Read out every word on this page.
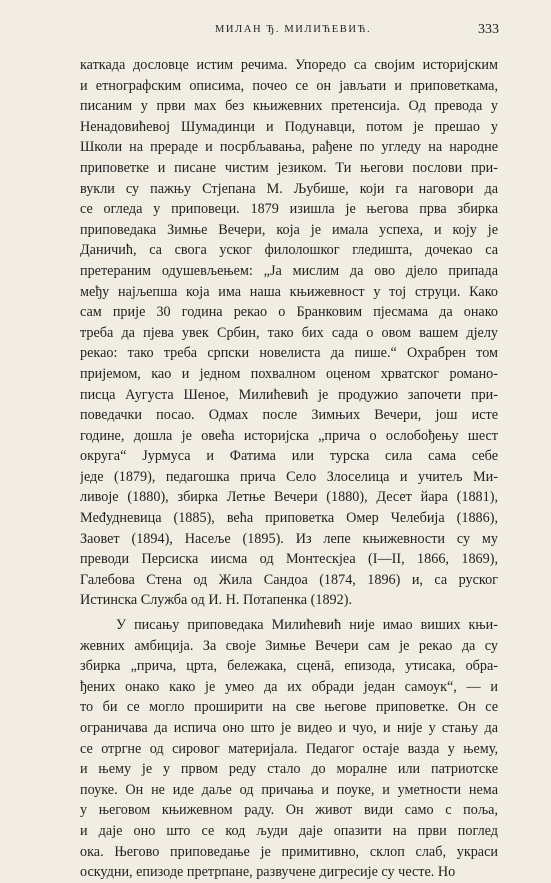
МИЛАН Ђ. МИЛИЋЕВИЋ.	333
каткада дословце истим речима. Упоредо са својим историјским
и етнографским описима, почео се он јављати и приповеткама,
писаним у први мах без књижевних претенсија. Од превода у
Ненадовићевој Шумадинци и Подунавци, потом је прешао у
Школи на прераде и посрбљавања, рађене по угледу на народне
приповетке и писане чистим језиком. Ти његови послови при-
вукли су пажњу Стјепана М. Љубише, који га наговори да
се огледа у приповеци. 1879 изишла је његова прва збирка
приповедака Зимње Вечери, која је имала успеха, и коју је
Даничић, са свога уског филолошког гледишта, дочекао са
претераним одушевљењем: „Ја мислим да ово дјело припада
међу најљепша која има наша књижевност у тој струци. Како
сам прије 30 година рекао о Бранковим пјесмама да онако
треба да пјева увек Србин, тако бих сада о овом вашем дјелу
рекао: тако треба српски новелиста да пише.“ Охрабрен том
пријемом, као и једном похвалном оценом хрватског романо-
писца Аугуста Шеное, Милићевић је продужио започети при-
поведачки посао. Одмах после Зимњих Вечери, још исте
године, дошла је овећа историјска „прича о ослобођењу шест
округа“ Јурмуса и Фатима или турска сила сама себе
једе (1879), педагошка прича Село Злоселица и учитељ Ми-
ливоје (1880), збирка Летње Вечери (1880), Десет йара (1881),
Međудневица (1885), већа приповетка Омер Челебија (1886),
Заовет (1894), Насеље (1895). Из лепе књижевности су му
преводи Персиска иисма од Монтескјеа (I—II, 1866, 1869),
Галебова Стена од Жила Сандоа (1874, 1896) и, са руског
Истинска Служба од И. Н. Потапенка (1892).
У писању приповедака Милићевић није имао виших књи-
жевних амбиција. За своје Зимње Вечери сам је рекао да су
збирка „прича, црта, бележака, сценā, епизода, утисака, обра-
ђених онако како је умео да их обради један самоук“, — и
то би се могло проширити на све његове приповетке. Он се
ограничава да испича оно што је видео и чуо, и није у стању да
се отргне од сировог материјала. Педагог остаје вазда у њему,
и њему је у првом реду стало до моралне или патриотске
поуке. Он не иде даље од причања и поуке, и уметности нема
у његовом књижевном раду. Он живот види само с поља,
и даје оно што се код људи даје опазити на први поглед
ока. Његово приповедање је примитивно, склоп слаб, украси
оскудни, епизоде претрпане, развучене дигресије су честе. Но
